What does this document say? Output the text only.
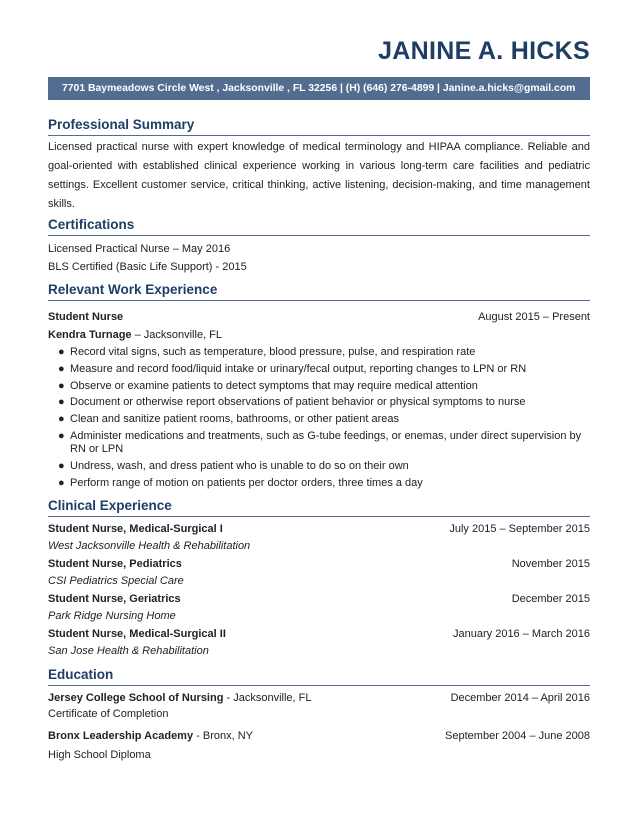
JANINE A. HICKS
7701 Baymeadows Circle West , Jacksonville , FL 32256 | (H) (646) 276-4899 | Janine.a.hicks@gmail.com
Professional Summary
Licensed practical nurse with expert knowledge of medical terminology and HIPAA compliance. Reliable and goal-oriented with established clinical experience working in various long-term care facilities and pediatric settings. Excellent customer service, critical thinking, active listening, decision-making, and time management skills.
Certifications
Licensed Practical Nurse – May 2016
BLS Certified (Basic Life Support) - 2015
Relevant Work Experience
Student Nurse	August 2015 – Present
Kendra Turnage – Jacksonville, FL
● Record vital signs, such as temperature, blood pressure, pulse, and respiration rate
● Measure and record food/liquid intake or urinary/fecal output, reporting changes to LPN or RN
● Observe or examine patients to detect symptoms that may require medical attention
● Document or otherwise report observations of patient behavior or physical symptoms to nurse
● Clean and sanitize patient rooms, bathrooms, or other patient areas
● Administer medications and treatments, such as G-tube feedings, or enemas, under direct supervision by RN or LPN
● Undress, wash, and dress patient who is unable to do so on their own
● Perform range of motion on patients per doctor orders, three times a day
Clinical Experience
Student Nurse, Medical-Surgical I	July 2015 – September 2015
West Jacksonville Health & Rehabilitation
Student Nurse, Pediatrics	November 2015
CSI Pediatrics Special Care
Student Nurse, Geriatrics	December 2015
Park Ridge Nursing Home
Student Nurse, Medical-Surgical II	January 2016 – March 2016
San Jose Health & Rehabilitation
Education
Jersey College School of Nursing - Jacksonville, FL	December 2014 – April 2016
Certificate of Completion
Bronx Leadership Academy - Bronx, NY	September 2004 – June 2008
High School Diploma
